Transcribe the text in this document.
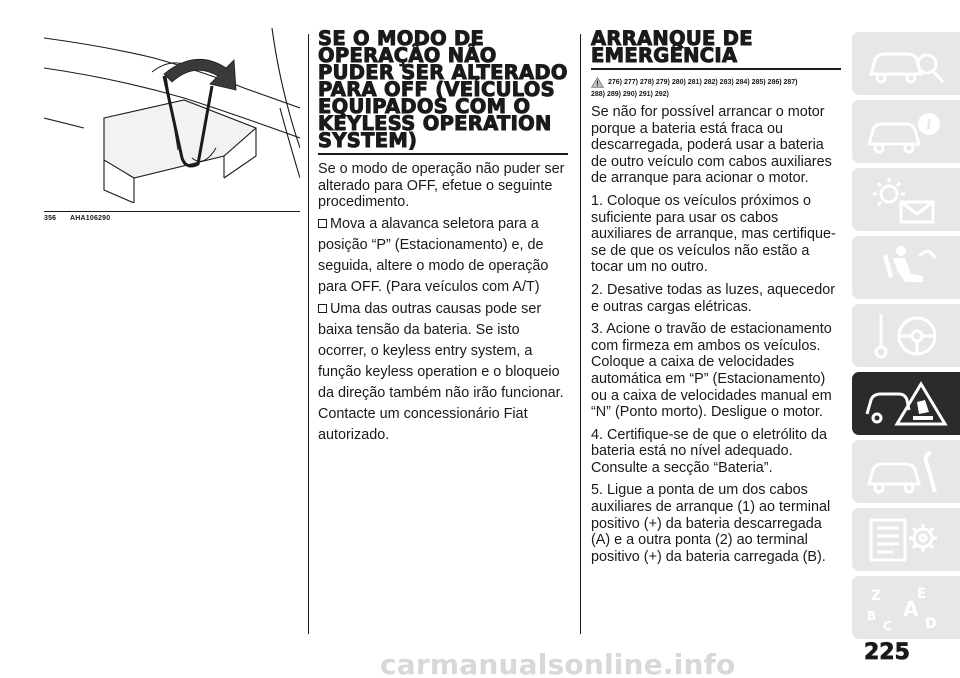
356	AHA106290
SE O MODO DE OPERAÇÃO NÃO PUDER SER ALTERADO PARA OFF (VEÍCULOS EQUIPADOS COM O KEYLESS OPERATION SYSTEM)

Se o modo de operação não puder ser alterado para OFF, efetue o seguinte procedimento.

Mova a alavanca seletora para a posição “P” (Estacionamento) e, de seguida, altere o modo de operação para OFF. (Para veículos com A/T)

Uma das outras causas pode ser baixa tensão da bateria. Se isto ocorrer, o keyless entry system, a função keyless operation e o bloqueio da direção também não irão funcionar. Contacte um concessionário Fiat autorizado.

ARRANQUE DE EMERGÊNCIA
276) 277) 278) 279) 280) 281) 282) 283) 284) 285) 286) 287)
288) 289) 290) 291) 292)

Se não for possível arrancar o motor porque a bateria está fraca ou descarregada, poderá usar a bateria de outro veículo com cabos auxiliares de arranque para acionar o motor.

1. Coloque os veículos próximos o suficiente para usar os cabos auxiliares de arranque, mas certifique-se de que os veículos não estão a tocar um no outro.

2. Desative todas as luzes, aquecedor e outras cargas elétricas.

3. Acione o travão de estacionamento com firmeza em ambos os veículos. Coloque a caixa de velocidades automática em “P” (Estacionamento) ou a caixa de velocidades manual em “N” (Ponto morto). Desligue o motor.

4. Certifique-se de que o eletrólito da bateria está no nível adequado. Consulte a secção “Bateria”.

5. Ligue a ponta de um dos cabos auxiliares de arranque (1) ao terminal positivo (+) da bateria descarregada (A) e a outra ponta (2) ao terminal positivo (+) da bateria carregada (B).

i
Z	E
B A
C D
225
carmanualsonline.info
